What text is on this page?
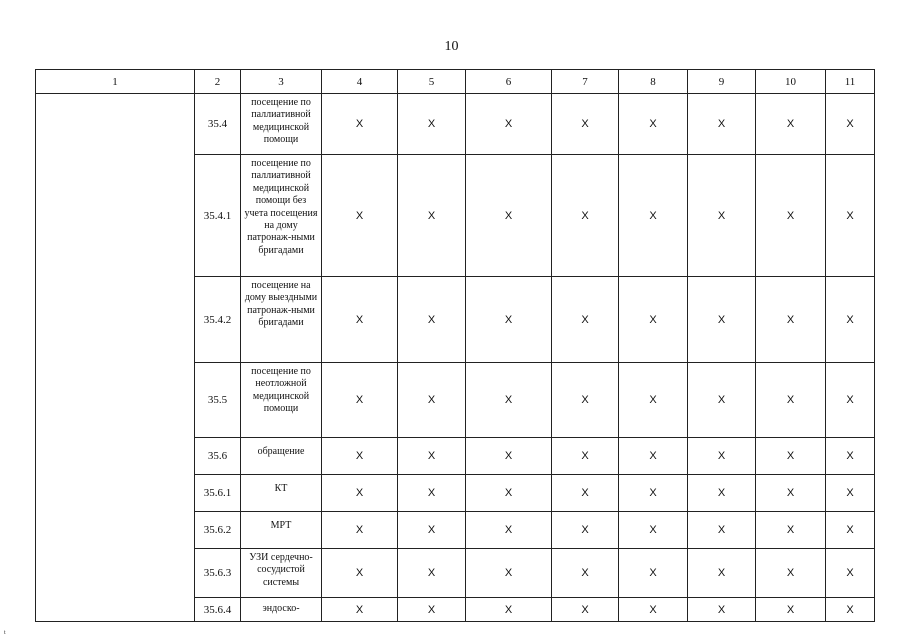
10
1	2	3	4	5	6	7	8	9	10	11
	35.4	посещение по паллиативной медицинской помощи	X	X	X	X	X	X	X	X
	35.4.1	посещение по паллиативной медицинской помощи без учета посещения на дому патронаж-ными бригадами	X	X	X	X	X	X	X	X
	35.4.2	посещение на дому выездными патронаж-ными бригадами	X	X	X	X	X	X	X	X
	35.5	посещение по неотложной медицинской помощи	X	X	X	X	X	X	X	X
	35.6	обращение	X	X	X	X	X	X	X	X
	35.6.1	КТ	X	X	X	X	X	X	X	X
	35.6.2	МРТ	X	X	X	X	X	X	X	X
	35.6.3	УЗИ сердечно-сосудистой системы	X	X	X	X	X	X	X	X
	35.6.4	эндоско-	X	X	X	X	X	X	X	X
t
